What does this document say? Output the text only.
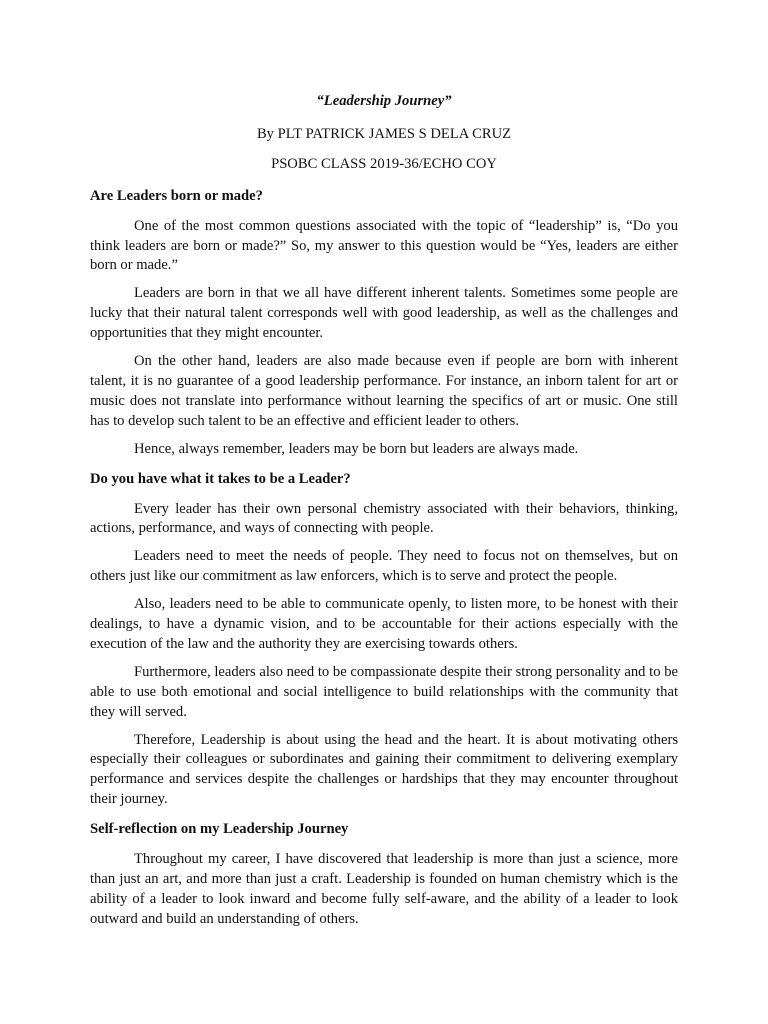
“Leadership Journey”

By PLT PATRICK JAMES S DELA CRUZ

PSOBC CLASS 2019-36/ECHO COY

Are Leaders born or made?

One of the most common questions associated with the topic of “leadership” is, “Do you think leaders are born or made?” So, my answer to this question would be “Yes, leaders are either born or made.”

Leaders are born in that we all have different inherent talents. Sometimes some people are lucky that their natural talent corresponds well with good leadership, as well as the challenges and opportunities that they might encounter.

On the other hand, leaders are also made because even if people are born with inherent talent, it is no guarantee of a good leadership performance. For instance, an inborn talent for art or music does not translate into performance without learning the specifics of art or music. One still has to develop such talent to be an effective and efficient leader to others.

Hence, always remember, leaders may be born but leaders are always made.

Do you have what it takes to be a Leader?

Every leader has their own personal chemistry associated with their behaviors, thinking, actions, performance, and ways of connecting with people.

Leaders need to meet the needs of people. They need to focus not on themselves, but on others just like our commitment as law enforcers, which is to serve and protect the people.

Also, leaders need to be able to communicate openly, to listen more, to be honest with their dealings, to have a dynamic vision, and to be accountable for their actions especially with the execution of the law and the authority they are exercising towards others.

Furthermore, leaders also need to be compassionate despite their strong personality and to be able to use both emotional and social intelligence to build relationships with the community that they will served.

Therefore, Leadership is about using the head and the heart. It is about motivating others especially their colleagues or subordinates and gaining their commitment to delivering exemplary performance and services despite the challenges or hardships that they may encounter throughout their journey.

Self-reflection on my Leadership Journey

Throughout my career, I have discovered that leadership is more than just a science, more than just an art, and more than just a craft. Leadership is founded on human chemistry which is the ability of a leader to look inward and become fully self-aware, and the ability of a leader to look outward and build an understanding of others.
